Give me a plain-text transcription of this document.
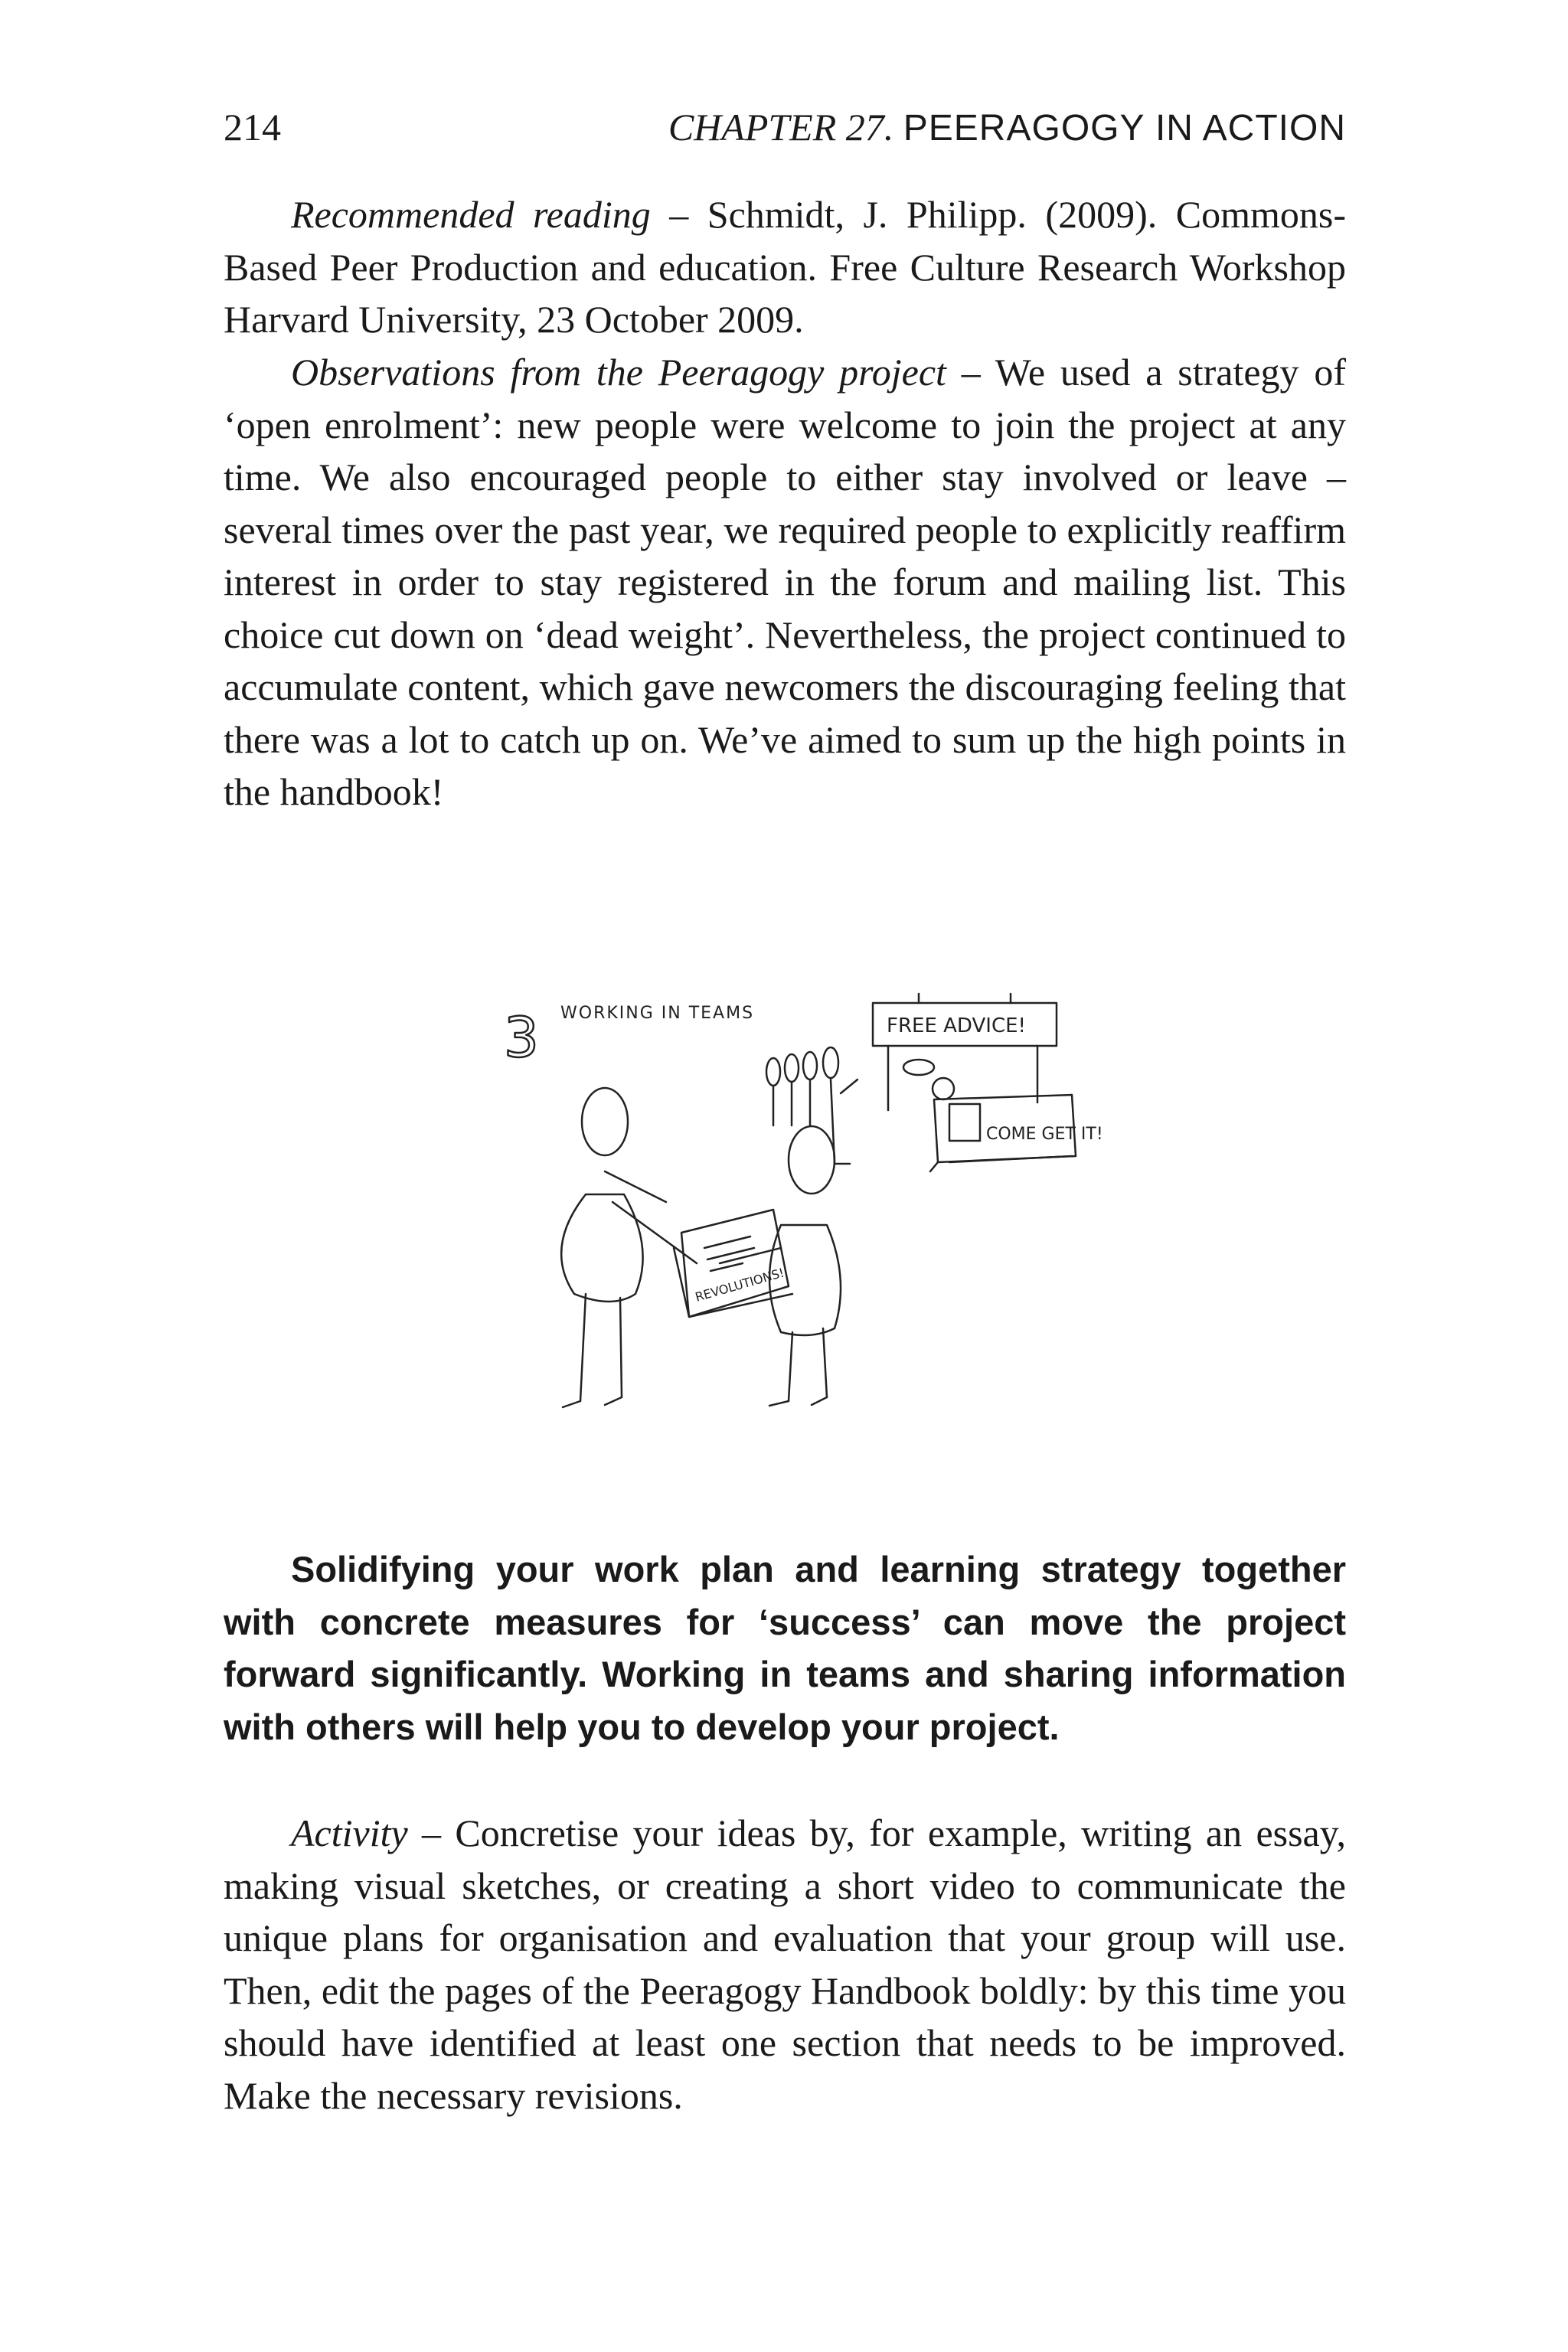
214	CHAPTER 27. PEERAGOGY IN ACTION

Recommended reading – Schmidt, J. Philipp. (2009). Commons-Based Peer Production and education. Free Culture Research Workshop Harvard University, 23 October 2009.

Observations from the Peeragogy project – We used a strategy of ‘open enrolment’: new people were welcome to join the project at any time. We also encouraged people to either stay involved or leave – several times over the past year, we required people to explicitly reaffirm interest in order to stay registered in the forum and mailing list. This choice cut down on ‘dead weight’. Nevertheless, the project continued to accumulate content, which gave newcomers the discouraging feeling that there was a lot to catch up on. We’ve aimed to sum up the high points in the handbook!

3 WORKING IN TEAMS
FREE ADVICE!
COME GET IT!
REVOLUTIONS!

Solidifying your work plan and learning strategy together with concrete measures for ‘success’ can move the project forward significantly. Working in teams and sharing information with others will help you to develop your project.

Activity – Concretise your ideas by, for example, writing an essay, making visual sketches, or creating a short video to communicate the unique plans for organisation and evaluation that your group will use. Then, edit the pages of the Peeragogy Handbook boldly: by this time you should have identified at least one section that needs to be improved. Make the necessary revisions.
